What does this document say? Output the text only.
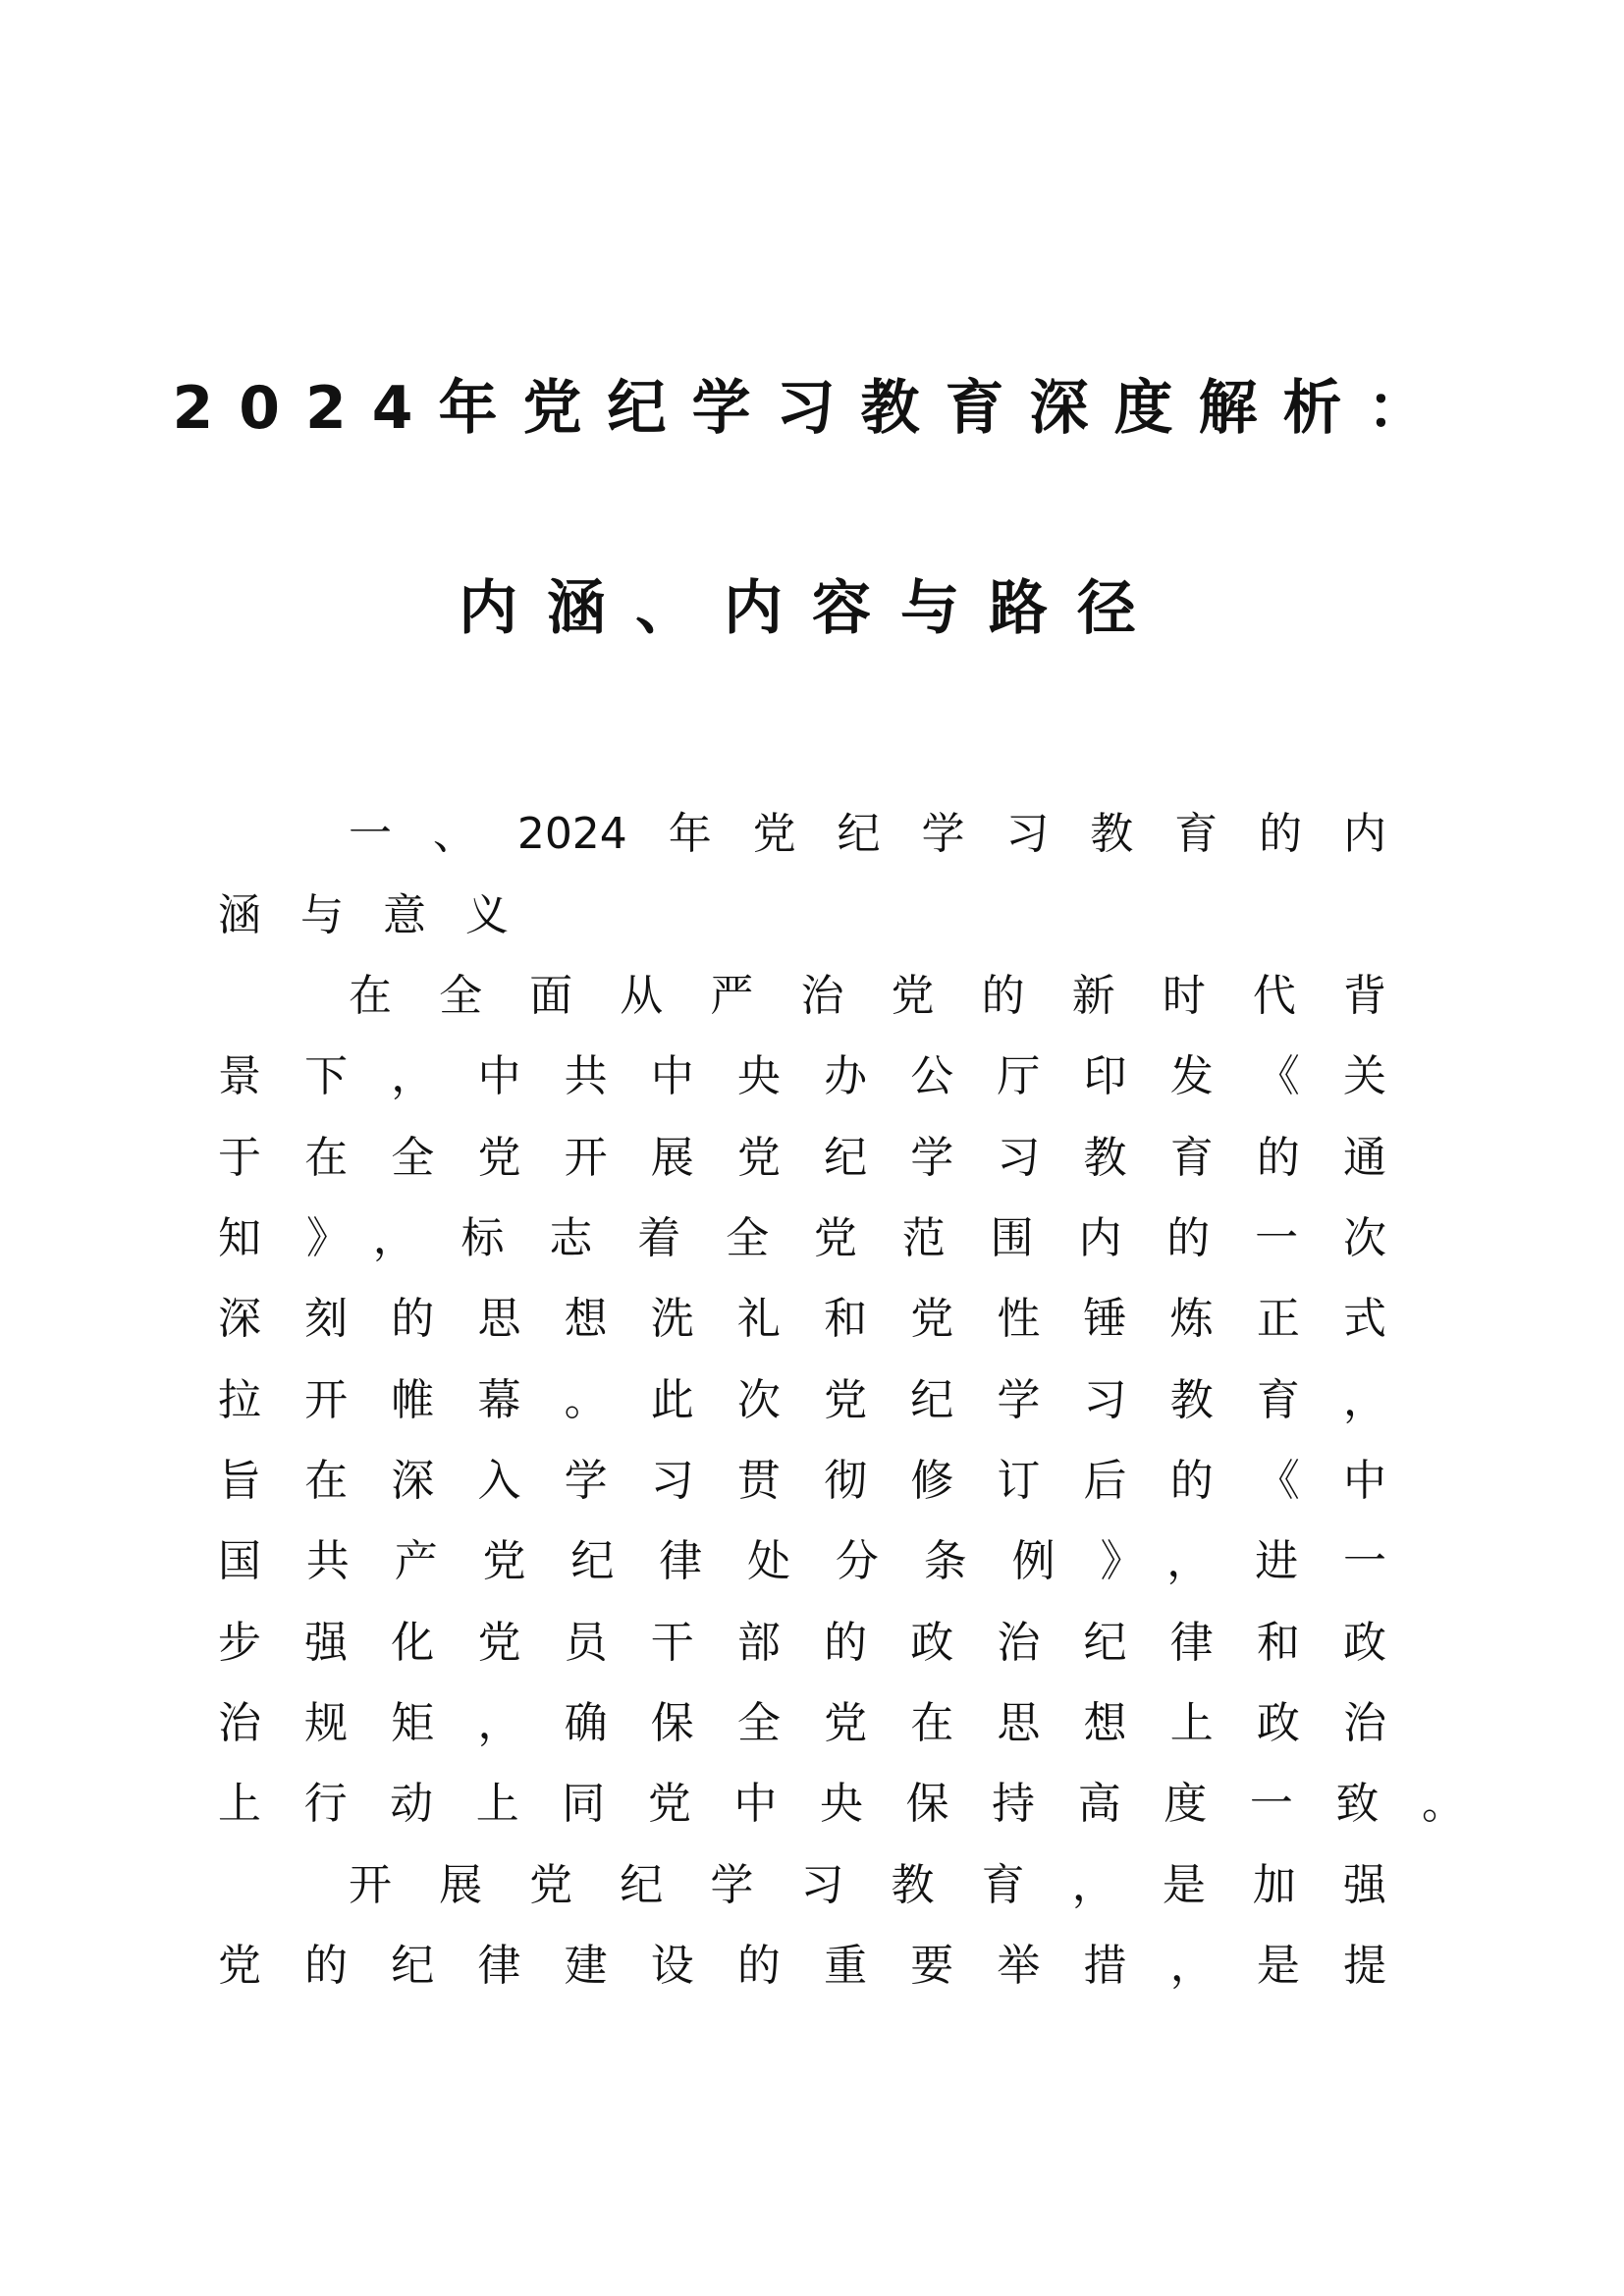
2024年党纪学习教育深度解析：
内涵、内容与路径
一、2024年党纪学习教育的内
涵与意义
在全面从严治党的新时代背
景下，中共中央办公厅印发《关
于在全党开展党纪学习教育的通
知》，标志着全党范围内的一次
深刻的思想洗礼和党性锤炼正式
拉开帷幕。此次党纪学习教育，
旨在深入学习贯彻修订后的《中
国共产党纪律处分条例》，进一
步强化党员干部的政治纪律和政
治规矩，确保全党在思想上政治
上行动上同党中央保持高度一致。
开展党纪学习教育，是加强
党的纪律建设的重要举措，是提
